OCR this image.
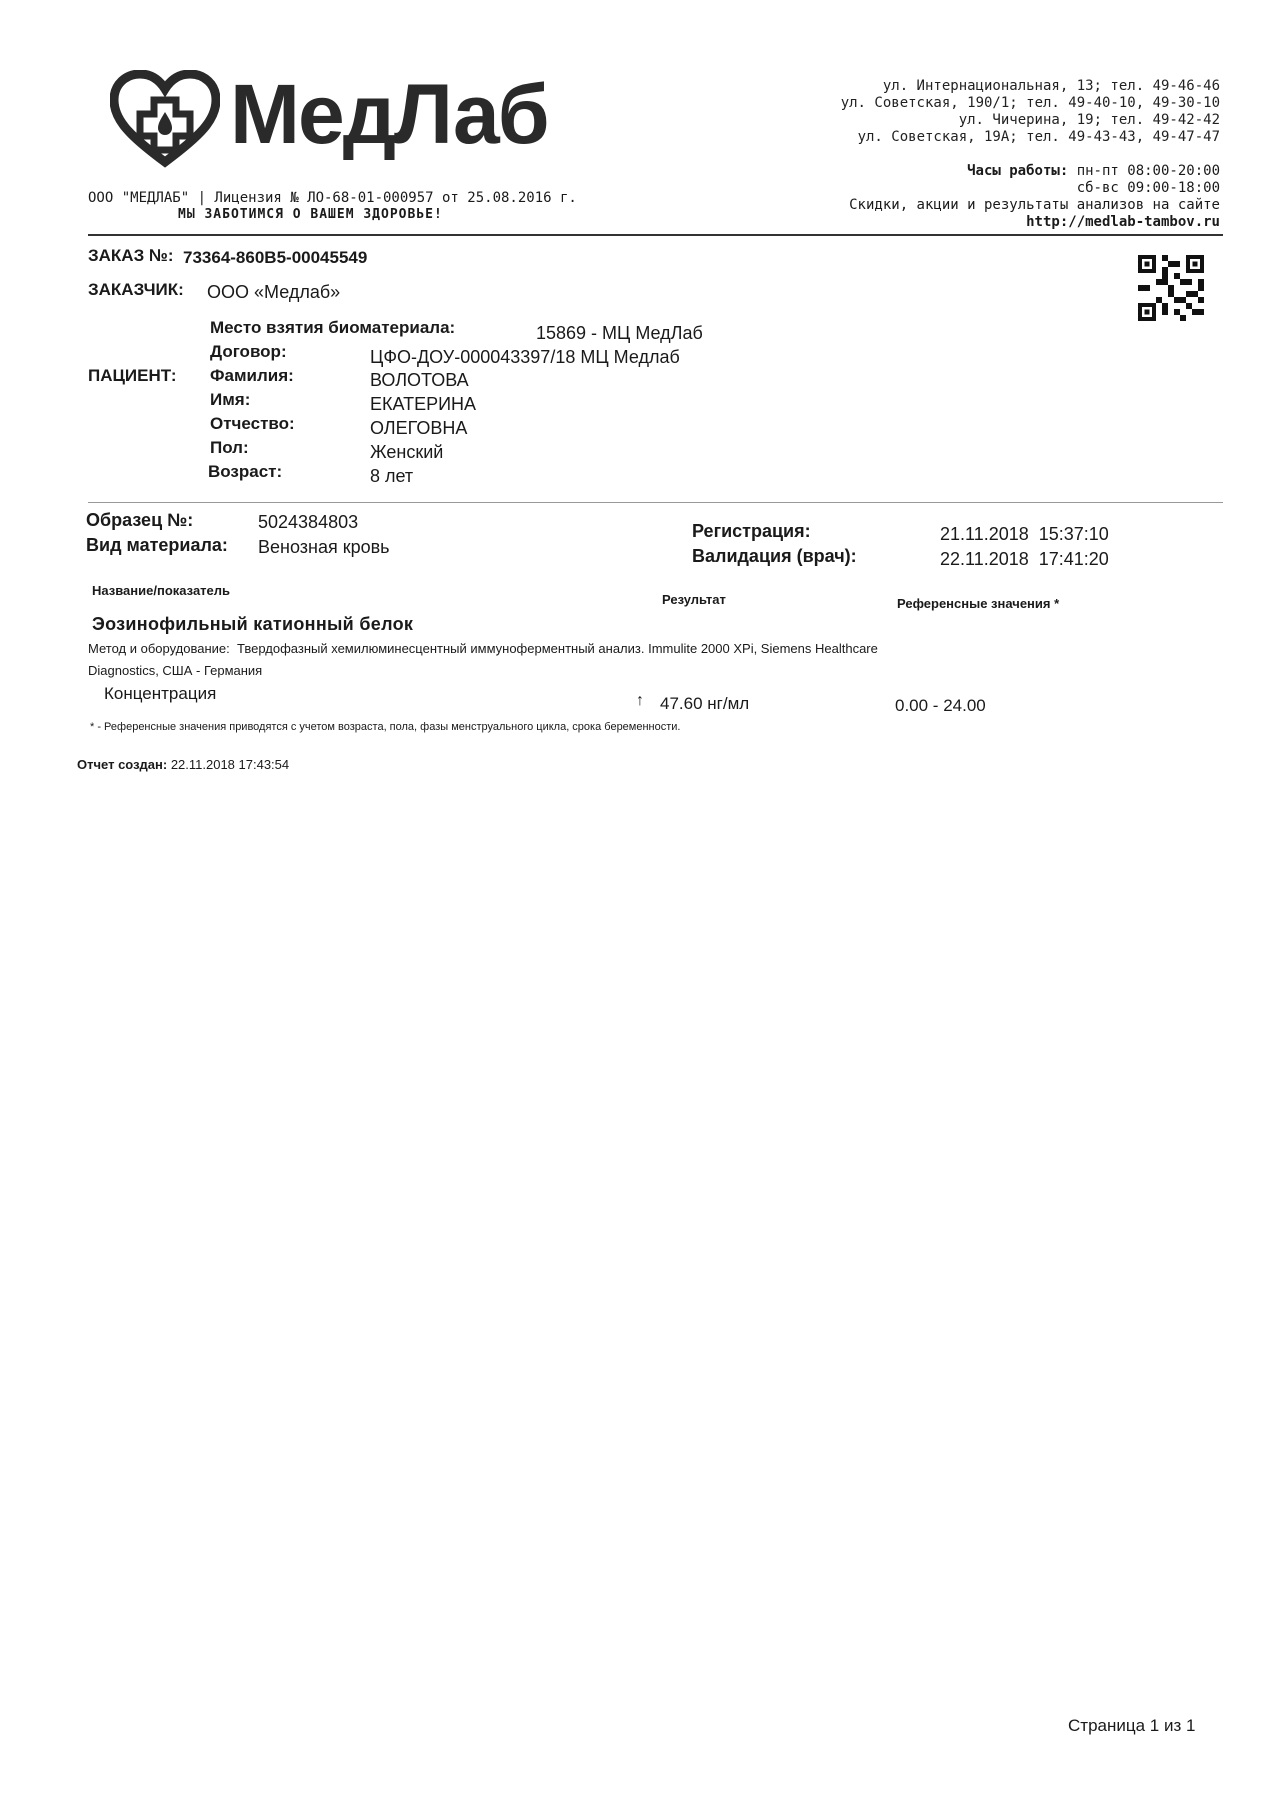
МедЛаб	ул. Интернациональная, 13; тел. 49-46-46
ул. Советская, 190/1; тел. 49-40-10, 49-30-10
ул. Чичерина, 19; тел. 49-42-42
ул. Советская, 19А; тел. 49-43-43, 49-47-47
Часы работы: пн-пт 08:00-20:00
сб-вс 09:00-18:00
Скидки, акции и результаты анализов на сайте
http://medlab-tambov.ru
ООО "МЕДЛАБ" | Лицензия № ЛО-68-01-000957 от 25.08.2016 г.
МЫ ЗАБОТИМСЯ О ВАШЕМ ЗДОРОВЬЕ!
ЗАКАЗ №: 73364-860B5-00045549
ЗАКАЗЧИК: ООО «Медлаб»
Место взятия биоматериала:	15869 - МЦ МедЛаб
Договор:	ЦФО-ДОУ-000043397/18 МЦ Медлаб
ПАЦИЕНТ: Фамилия:	ВОЛОТОВА
Имя:	ЕКАТЕРИНА
Отчество:	ОЛЕГОВНА
Пол:	Женский
Возраст:	8 лет
Образец №:	5024384803
Вид материала: Венозная кровь
Регистрация:	21.11.2018  15:37:10
Валидация (врач):	22.11.2018  17:41:20
Название/показатель
Результат	Референсные значения *
Эозинофильный катионный белок
Метод и оборудование: Твердофазный хемилюминесцентный иммуноферментный анализ. Immulite 2000 XPi, Siemens Healthcare
Diagnostics, США - Германия
Концентрация	↑ 47.60 нг/мл	0.00 - 24.00
* - Референсные значения приводятся с учетом возраста, пола, фазы менструального цикла, срока беременности.
Отчет создан: 22.11.2018 17:43:54
Страница 1 из 1
